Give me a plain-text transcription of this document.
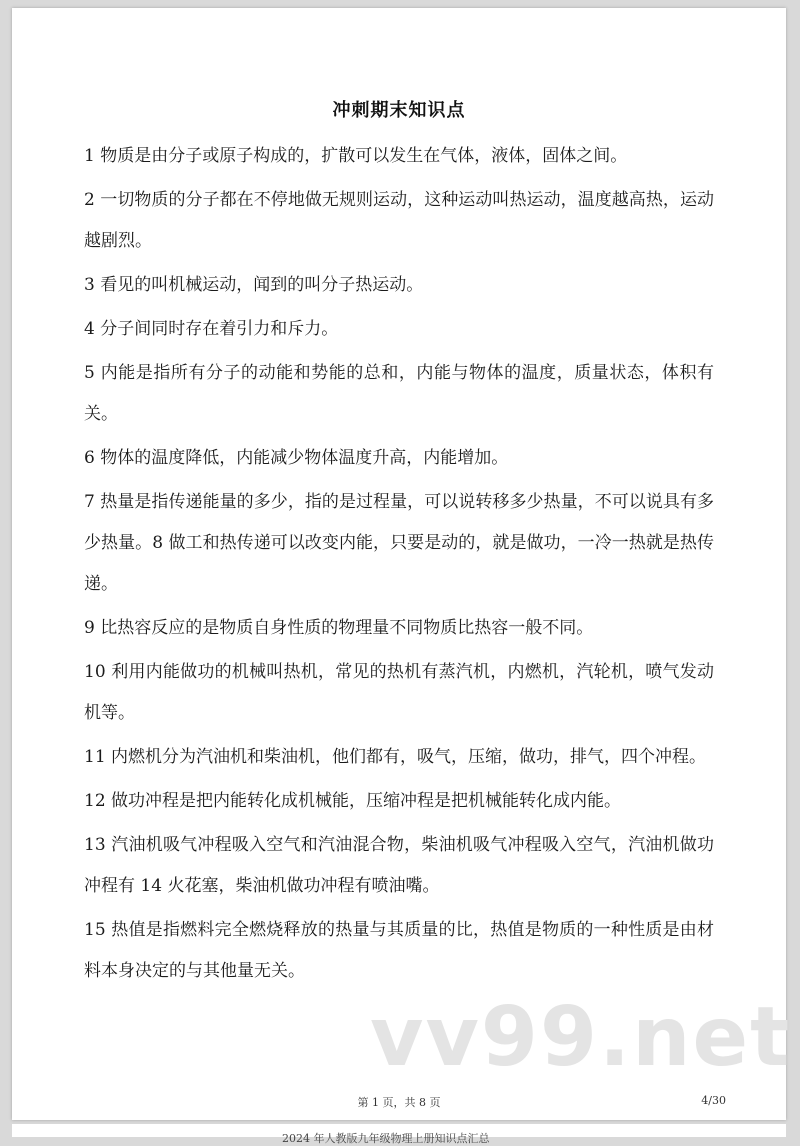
冲刺期末知识点

1 物质是由分子或原子构成的，扩散可以发生在气体，液体，固体之间。

2 一切物质的分子都在不停地做无规则运动，这种运动叫热运动，温度越高热，运动越剧烈。

3 看见的叫机械运动，闻到的叫分子热运动。

4 分子间同时存在着引力和斥力。

5 内能是指所有分子的动能和势能的总和，内能与物体的温度，质量状态，体积有关。

6 物体的温度降低，内能减少物体温度升高，内能增加。

7 热量是指传递能量的多少，指的是过程量，可以说转移多少热量，不可以说具有多少热量。8 做工和热传递可以改变内能，只要是动的，就是做功，一冷一热就是热传递。

9 比热容反应的是物质自身性质的物理量不同物质比热容一般不同。

10 利用内能做功的机械叫热机，常见的热机有蒸汽机，内燃机，汽轮机，喷气发动机等。

11 内燃机分为汽油机和柴油机，他们都有，吸气，压缩，做功，排气，四个冲程。

12 做功冲程是把内能转化成机械能，压缩冲程是把机械能转化成内能。

13 汽油机吸气冲程吸入空气和汽油混合物，柴油机吸气冲程吸入空气，汽油机做功冲程有 14 火花塞，柴油机做功冲程有喷油嘴。

15 热值是指燃料完全燃烧释放的热量与其质量的比，热值是物质的一种性质是由材料本身决定的与其他量无关。

vv99.net
第 1 页，共 8 页	4/30
2024 年人教版九年级物理上册知识点汇总
